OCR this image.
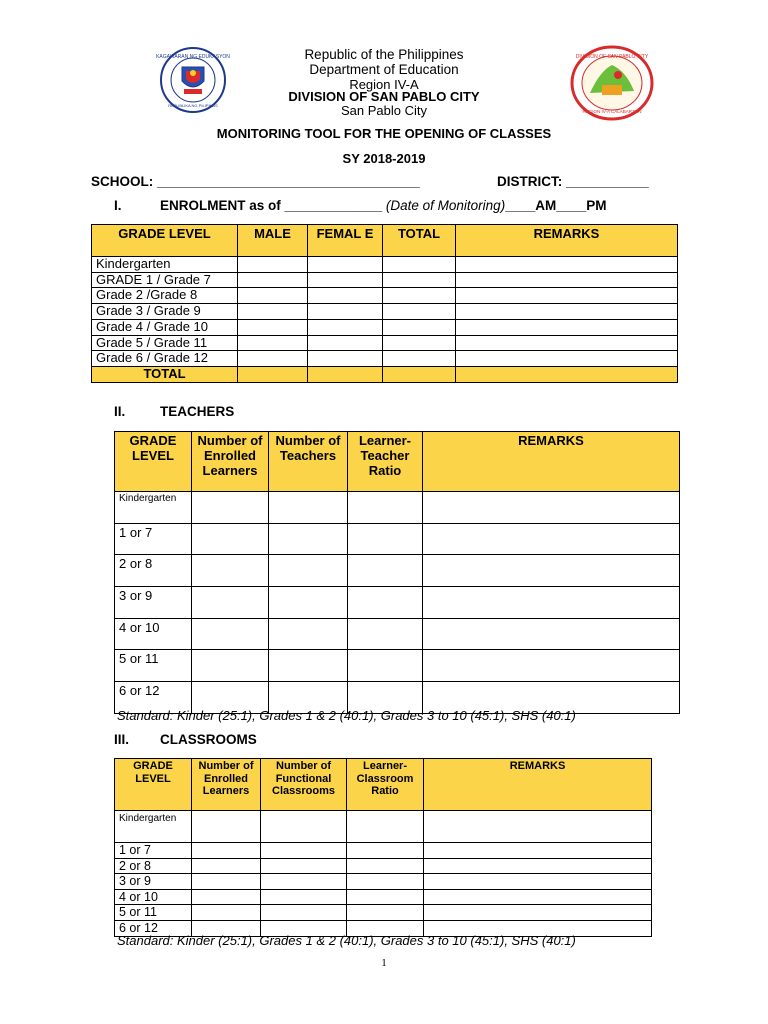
KAGAWARAN NG EDUKASYON
REPUBLIKA NG PILIPINAS
DIVISION OF SAN PABLO CITY
REGION IV-A CALABARZON
Republic of the Philippines
Department of Education
Region IV-A
DIVISION OF SAN PABLO CITY
San Pablo City
MONITORING TOOL FOR THE OPENING OF CLASSES
SY 2018-2019
SCHOOL: ___________________________________	DISTRICT: ___________
I.	ENROLMENT as of _____________ (Date of Monitoring)____AM____PM
GRADE LEVEL	MALE	FEMAL E	TOTAL	REMARKS
Kindergarten				
GRADE 1 / Grade 7				
Grade 2 /Grade 8				
Grade 3 / Grade 9				
Grade 4 / Grade 10				
Grade 5 / Grade 11				
Grade 6 / Grade 12				
TOTAL				
II.	TEACHERS
GRADE LEVEL	Number of Enrolled Learners	Number of Teachers	Learner-Teacher Ratio	REMARKS
Kindergarten				
1 or 7				
2 or 8				
3 or 9				
4 or 10				
5 or 11				
6 or 12				
Standard: Kinder (25:1), Grades 1 & 2 (40:1), Grades 3 to 10 (45:1), SHS (40:1)
III. CLASSROOMS
GRADE LEVEL	Number of Enrolled Learners	Number of Functional Classrooms	Learner-Classroom Ratio	REMARKS
Kindergarten				
1 or 7				
2 or 8				
3 or 9				
4 or 10				
5 or 11				
6 or 12				
Standard: Kinder (25:1), Grades 1 & 2 (40:1), Grades 3 to 10 (45:1), SHS (40:1)
1
